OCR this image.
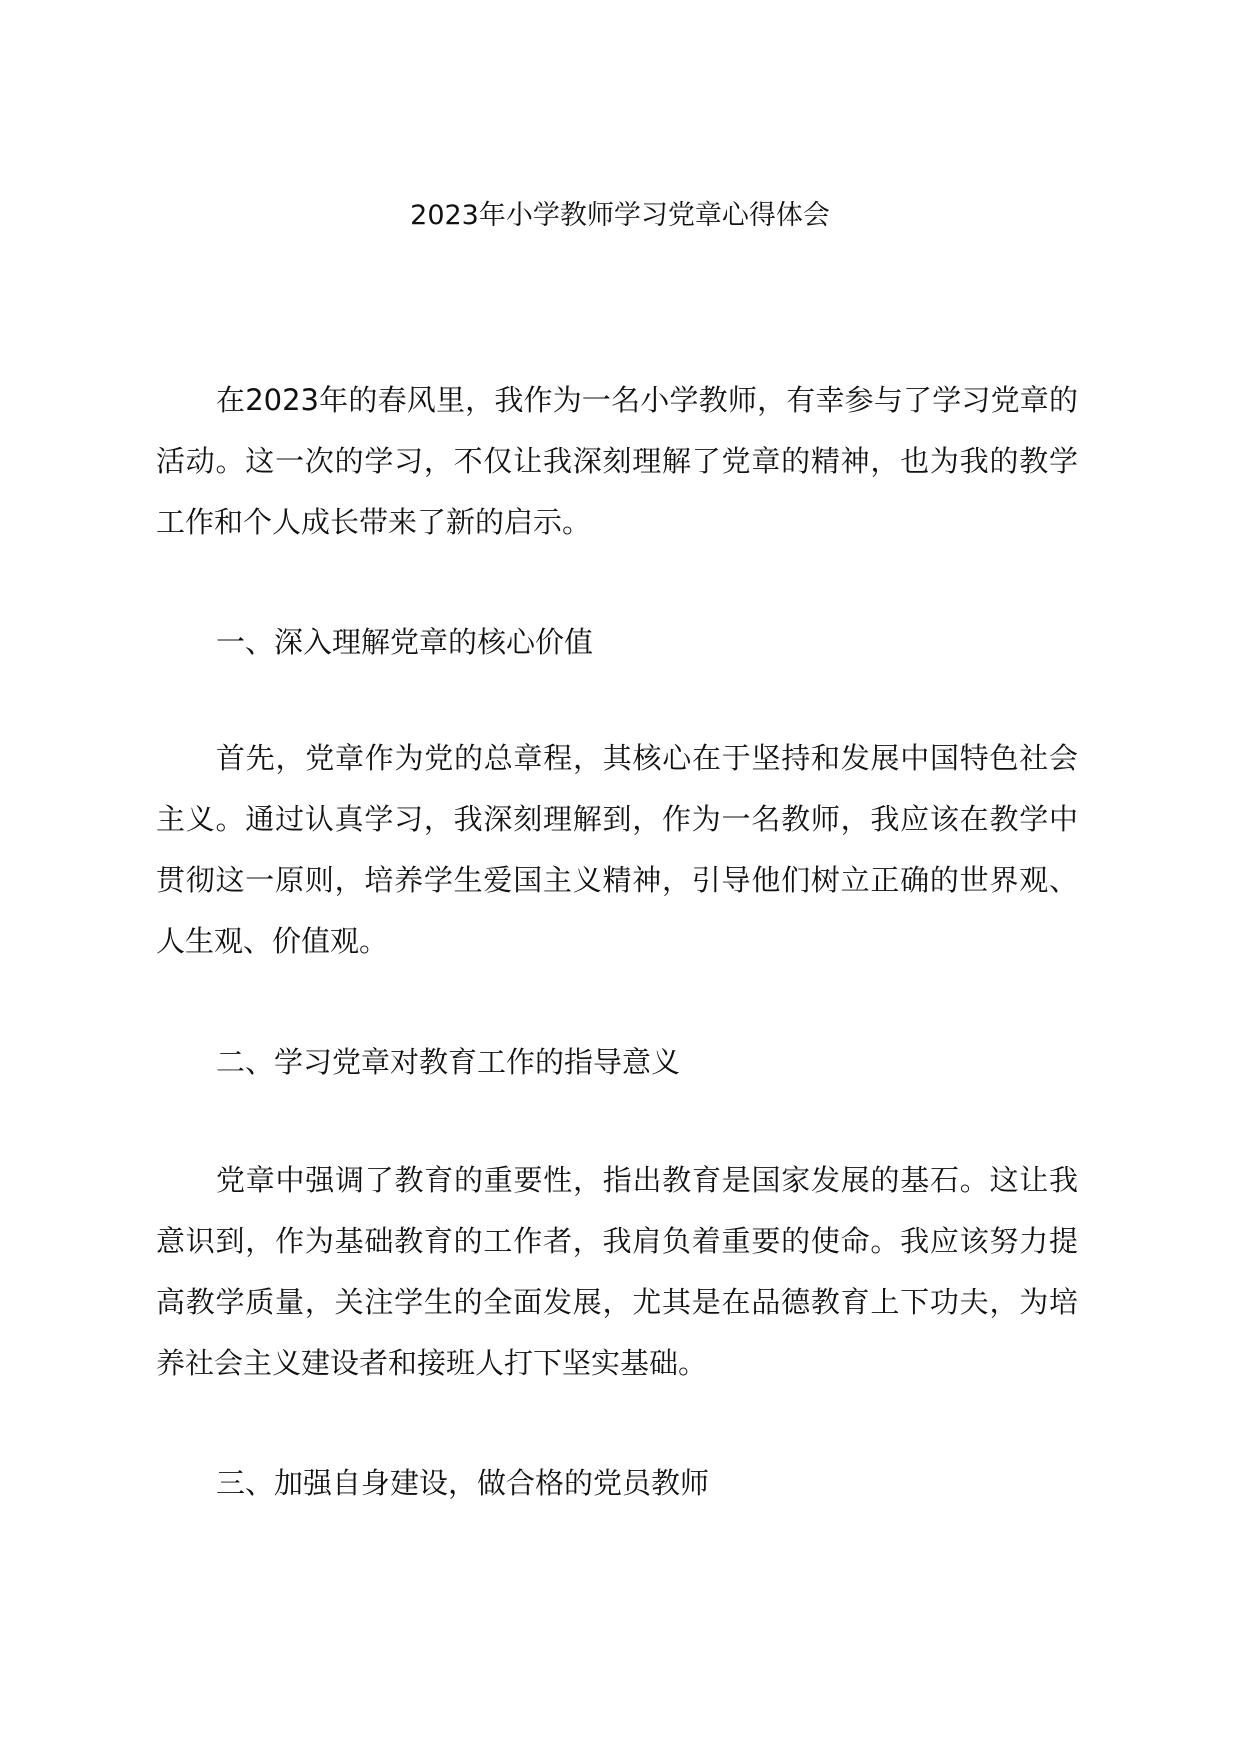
2023年小学教师学习党章心得体会

在2023年的春风里，我作为一名小学教师，有幸参与了学习党章的活动。这一次的学习，不仅让我深刻理解了党章的精神，也为我的教学工作和个人成长带来了新的启示。

一、深入理解党章的核心价值

首先，党章作为党的总章程，其核心在于坚持和发展中国特色社会主义。通过认真学习，我深刻理解到，作为一名教师，我应该在教学中贯彻这一原则，培养学生爱国主义精神，引导他们树立正确的世界观、人生观、价值观。

二、学习党章对教育工作的指导意义

党章中强调了教育的重要性，指出教育是国家发展的基石。这让我意识到，作为基础教育的工作者，我肩负着重要的使命。我应该努力提高教学质量，关注学生的全面发展，尤其是在品德教育上下功夫，为培养社会主义建设者和接班人打下坚实基础。

三、加强自身建设，做合格的党员教师
